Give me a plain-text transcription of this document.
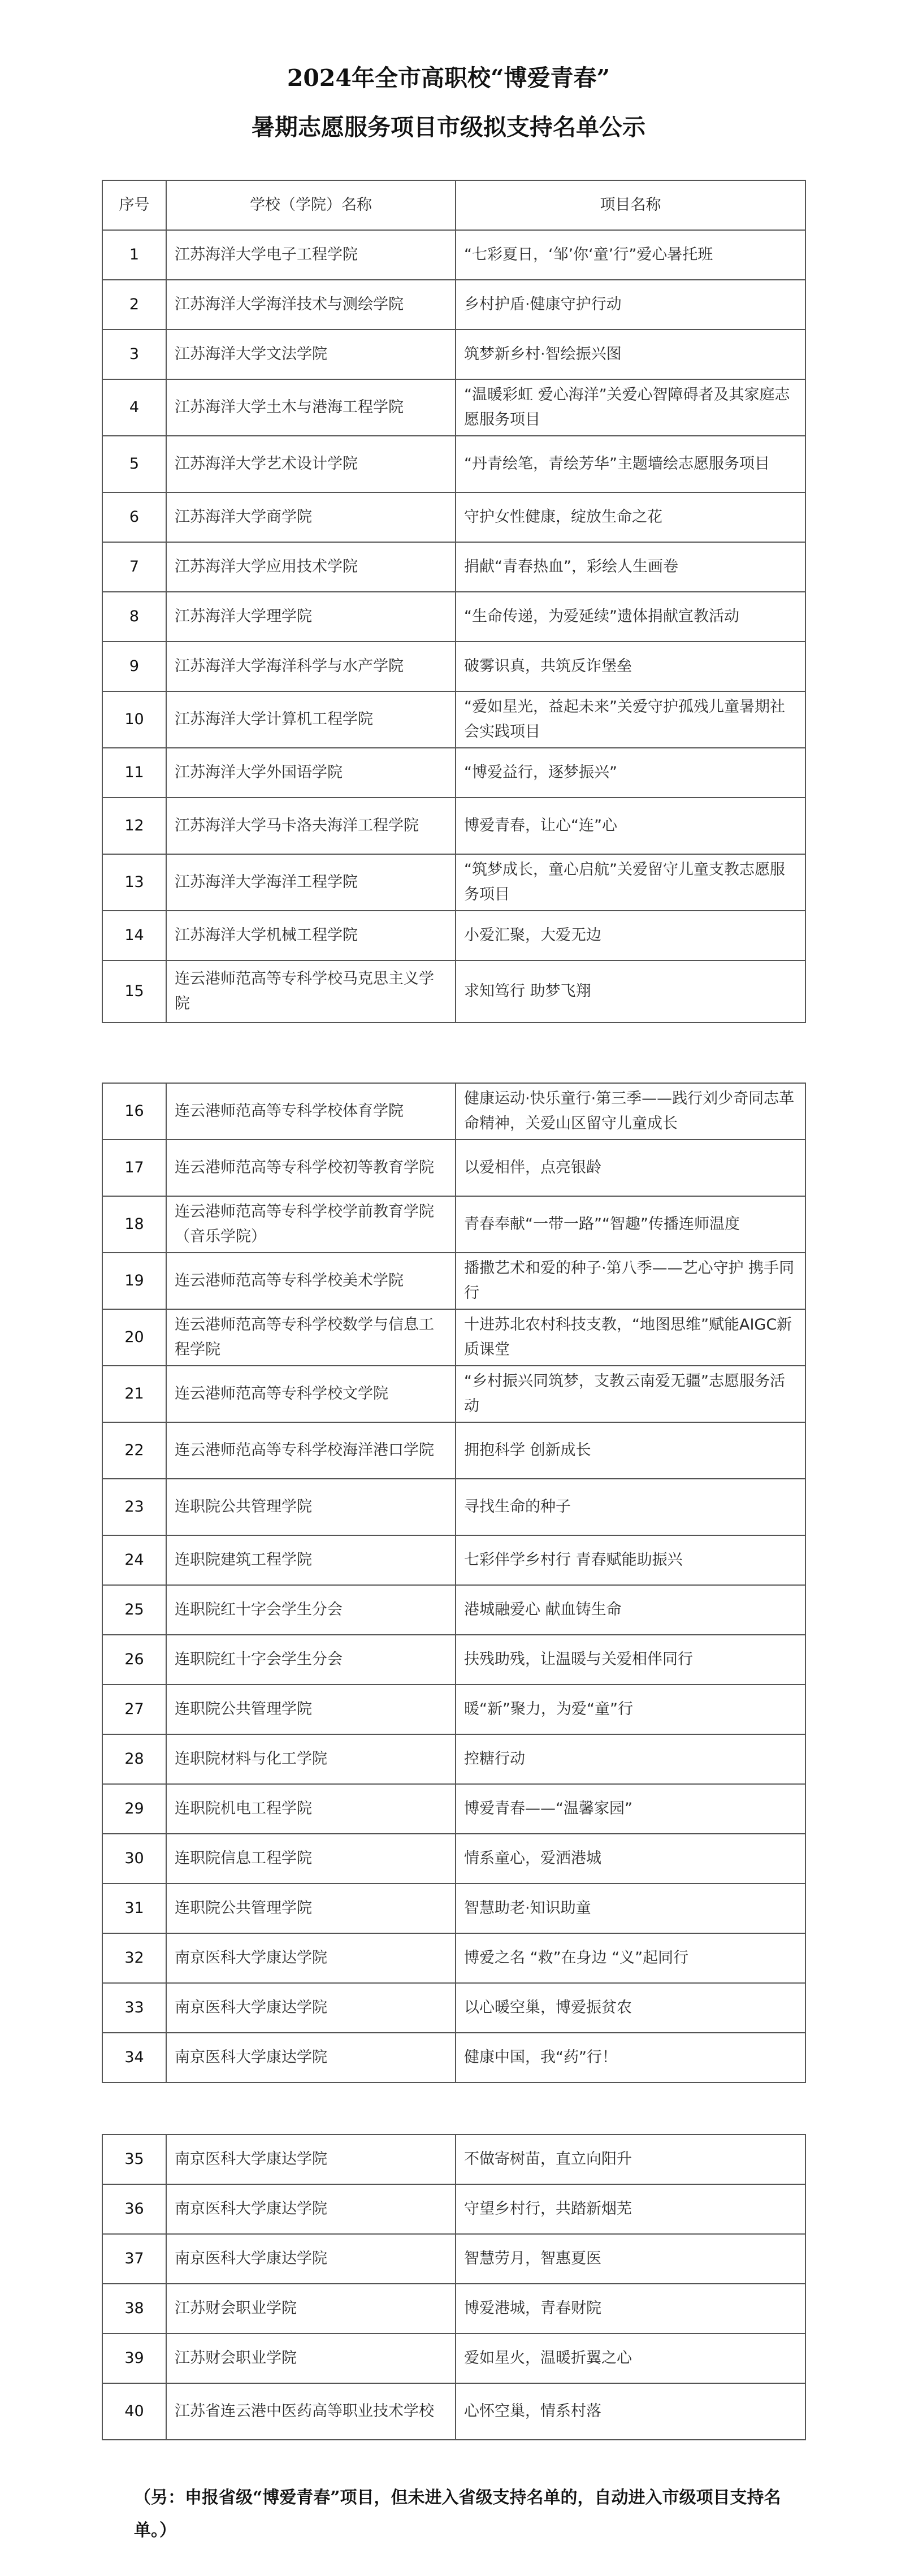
2024年全市高职校“博爱青春”
暑期志愿服务项目市级拟支持名单公示
序号	学校（学院）名称	项目名称
1	江苏海洋大学电子工程学院	“七彩夏日，‘邹’你‘童’行”爱心暑托班
2	江苏海洋大学海洋技术与测绘学院	乡村护盾·健康守护行动
3	江苏海洋大学文法学院	筑梦新乡村·智绘振兴图
4	江苏海洋大学土木与港海工程学院	“温暖彩虹 爱心海洋”关爱心智障碍者及其家庭志愿服务项目
5	江苏海洋大学艺术设计学院	“丹青绘笔，青绘芳华”主题墙绘志愿服务项目
6	江苏海洋大学商学院	守护女性健康，绽放生命之花
7	江苏海洋大学应用技术学院	捐献“青春热血”，彩绘人生画卷
8	江苏海洋大学理学院	“生命传递，为爱延续”遗体捐献宣教活动
9	江苏海洋大学海洋科学与水产学院	破雾识真，共筑反诈堡垒
10	江苏海洋大学计算机工程学院	“爱如星光，益起未来”关爱守护孤残儿童暑期社会实践项目
11	江苏海洋大学外国语学院	“博爱益行，逐梦振兴”
12	江苏海洋大学马卡洛夫海洋工程学院	博爱青春，让心“连”心
13	江苏海洋大学海洋工程学院	“筑梦成长，童心启航”关爱留守儿童支教志愿服务项目
14	江苏海洋大学机械工程学院	小爱汇聚，大爱无边
15	连云港师范高等专科学校马克思主义学院	求知笃行 助梦飞翔
16	连云港师范高等专科学校体育学院	健康运动·快乐童行·第三季——践行刘少奇同志革命精神，关爱山区留守儿童成长
17	连云港师范高等专科学校初等教育学院	以爱相伴，点亮银龄
18	连云港师范高等专科学校学前教育学院（音乐学院）	青春奉献“一带一路”“智趣”传播连师温度
19	连云港师范高等专科学校美术学院	播撒艺术和爱的种子·第八季——艺心守护 携手同行
20	连云港师范高等专科学校数学与信息工程学院	十进苏北农村科技支教，“地图思维”赋能AIGC新质课堂
21	连云港师范高等专科学校文学院	“乡村振兴同筑梦，支教云南爱无疆”志愿服务活动
22	连云港师范高等专科学校海洋港口学院	拥抱科学 创新成长
23	连职院公共管理学院	寻找生命的种子
24	连职院建筑工程学院	七彩伴学乡村行 青春赋能助振兴
25	连职院红十字会学生分会	港城融爱心 献血铸生命
26	连职院红十字会学生分会	扶残助残，让温暖与关爱相伴同行
27	连职院公共管理学院	暖“新”聚力，为爱“童”行
28	连职院材料与化工学院	控糖行动
29	连职院机电工程学院	博爱青春——“温馨家园”
30	连职院信息工程学院	情系童心，爱洒港城
31	连职院公共管理学院	智慧助老·知识助童
32	南京医科大学康达学院	博爱之名 “救”在身边 “义”起同行
33	南京医科大学康达学院	以心暖空巢，博爱振贫农
34	南京医科大学康达学院	健康中国，我“药”行！
35	南京医科大学康达学院	不做寄树苗，直立向阳升
36	南京医科大学康达学院	守望乡村行，共踏新烟芜
37	南京医科大学康达学院	智慧劳月，智惠夏医
38	江苏财会职业学院	博爱港城，青春财院
39	江苏财会职业学院	爱如星火，温暖折翼之心
40	江苏省连云港中医药高等职业技术学校	心怀空巢，情系村落
（另：申报省级“博爱青春”项目，但未进入省级支持名单的，自动进入市级项目支持名单。）
